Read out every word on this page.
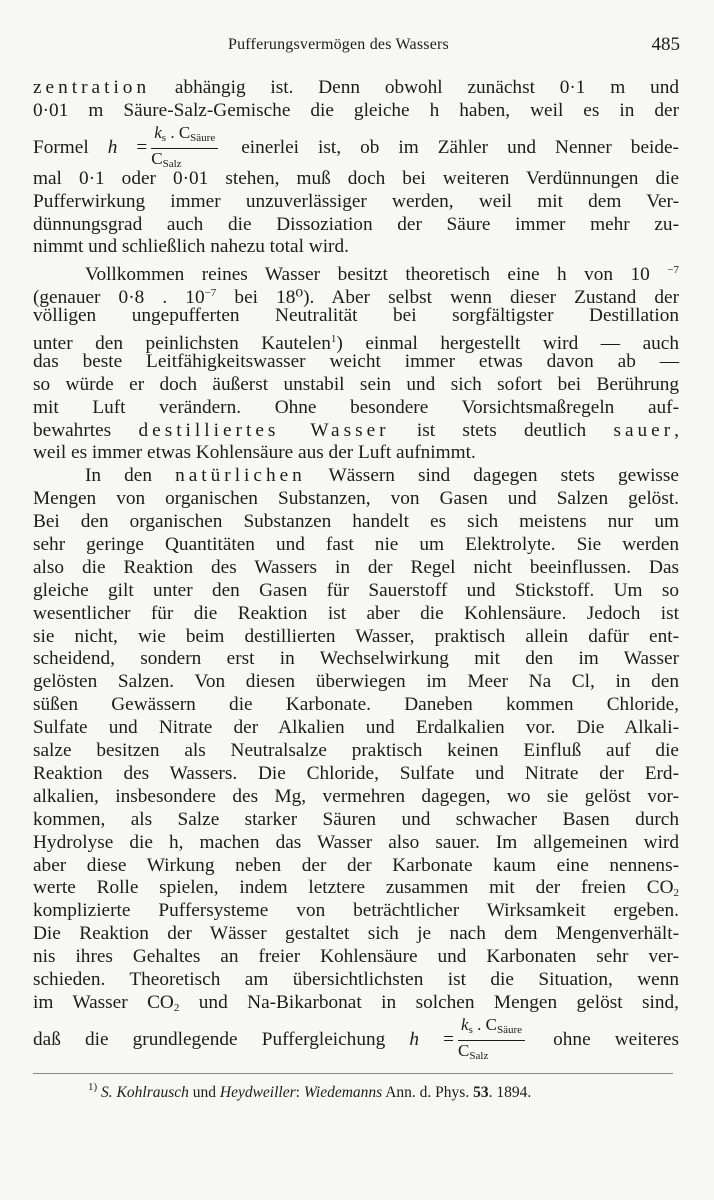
Pufferungsvermögen des Wassers	485
zentration abhängig ist. Denn obwohl zunächst 0·1 m und
0·01 m Säure-Salz-Gemische die gleiche h haben, weil es in der
Formel $h = \frac{k_s . C_{Säure}}{C_{Salz}}$ einerlei ist, ob im Zähler und Nenner beide-
mal 0·1 oder 0·01 stehen, muß doch bei weiteren Verdünnungen die
Pufferwirkung immer unzuverlässiger werden, weil mit dem Ver-
dünnungsgrad auch die Dissoziation der Säure immer mehr zu-
nimmt und schließlich nahezu total wird.
Vollkommen reines Wasser besitzt theoretisch eine h von 10 $^{-7}$
(genauer 0·8 . $10^{-7}$ bei 18⁰). Aber selbst wenn dieser Zustand der
völligen ungepufferten Neutralität bei sorgfältigster Destillation
unter den peinlichsten Kautelen$^1$) einmal hergestellt wird — auch
das beste Leitfähigkeitswasser weicht immer etwas davon ab —
so würde er doch äußerst unstabil sein und sich sofort bei Berührung
mit Luft verändern. Ohne besondere Vorsichtsmaßregeln auf-
bewahrtes destilliertes Wasser ist stets deutlich sauer,
weil es immer etwas Kohlensäure aus der Luft aufnimmt.
In den natürlichen Wässern sind dagegen stets gewisse
Mengen von organischen Substanzen, von Gasen und Salzen gelöst.
Bei den organischen Substanzen handelt es sich meistens nur um
sehr geringe Quantitäten und fast nie um Elektrolyte. Sie werden
also die Reaktion des Wassers in der Regel nicht beeinflussen. Das
gleiche gilt unter den Gasen für Sauerstoff und Stickstoff. Um so
wesentlicher für die Reaktion ist aber die Kohlensäure. Jedoch ist
sie nicht, wie beim destillierten Wasser, praktisch allein dafür ent-
scheidend, sondern erst in Wechselwirkung mit den im Wasser
gelösten Salzen. Von diesen überwiegen im Meer Na Cl, in den
süßen Gewässern die Karbonate. Daneben kommen Chloride,
Sulfate und Nitrate der Alkalien und Erdalkalien vor. Die Alkali-
salze besitzen als Neutralsalze praktisch keinen Einfluß auf die
Reaktion des Wassers. Die Chloride, Sulfate und Nitrate der Erd-
alkalien, insbesondere des Mg, vermehren dagegen, wo sie gelöst vor-
kommen, als Salze starker Säuren und schwacher Basen durch
Hydrolyse die h, machen das Wasser also sauer. Im allgemeinen wird
aber diese Wirkung neben der der Karbonate kaum eine nennens-
werte Rolle spielen, indem letztere zusammen mit der freien $CO_2$
komplizierte Puffersysteme von beträchtlicher Wirksamkeit ergeben.
Die Reaktion der Wässer gestaltet sich je nach dem Mengenverhält-
nis ihres Gehaltes an freier Kohlensäure und Karbonaten sehr ver-
schieden. Theoretisch am übersichtlichsten ist die Situation, wenn
im Wasser $CO_2$ und Na-Bikarbonat in solchen Mengen gelöst sind,
daß die grundlegende Puffergleichung $h = \frac{k_s . C_{Säure}}{C_{Salz}}$ ohne weiteres
$^{1)}$ S. Kohlrausch und Heydweiller: Wiedemanns Ann. d. Phys. 53. 1894.
